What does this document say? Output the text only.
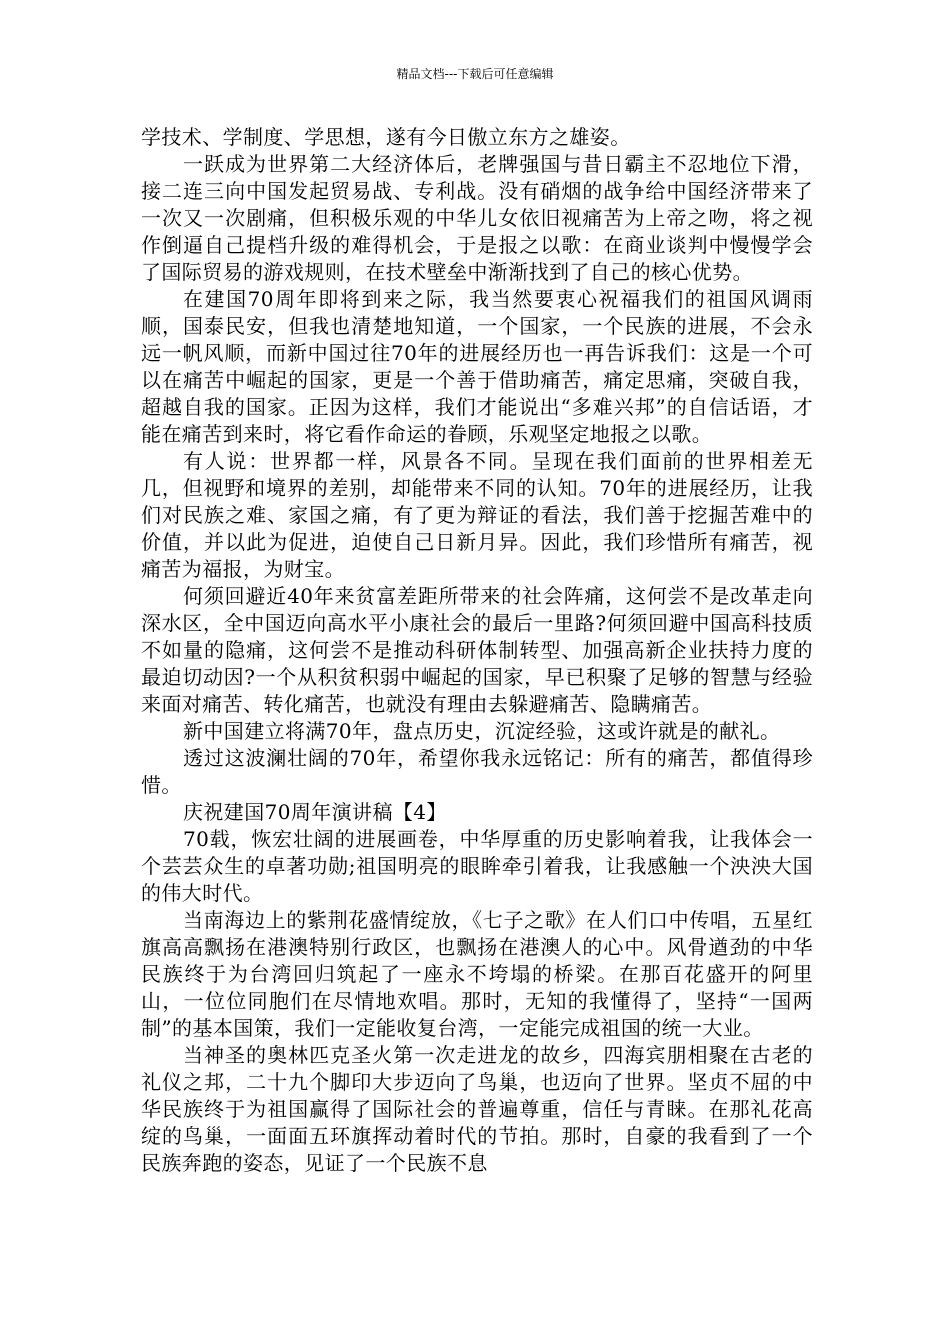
精品文档---下载后可任意编辑

学技术、学制度、学思想，遂有今日傲立东方之雄姿。

一跃成为世界第二大经济体后，老牌强国与昔日霸主不忍地位下滑，接二连三向中国发起贸易战、专利战。没有硝烟的战争给中国经济带来了一次又一次剧痛，但积极乐观的中华儿女依旧视痛苦为上帝之吻，将之视作倒逼自己提档升级的难得机会，于是报之以歌：在商业谈判中慢慢学会了国际贸易的游戏规则，在技术壁垒中渐渐找到了自己的核心优势。

在建国70周年即将到来之际，我当然要衷心祝福我们的祖国风调雨顺，国泰民安，但我也清楚地知道，一个国家，一个民族的进展，不会永远一帆风顺，而新中国过往70年的进展经历也一再告诉我们：这是一个可以在痛苦中崛起的国家，更是一个善于借助痛苦，痛定思痛，突破自我，超越自我的国家。正因为这样，我们才能说出“多难兴邦”的自信话语，才能在痛苦到来时，将它看作命运的眷顾，乐观坚定地报之以歌。

有人说：世界都一样，风景各不同。呈现在我们面前的世界相差无几，但视野和境界的差别，却能带来不同的认知。70年的进展经历，让我们对民族之难、家国之痛，有了更为辩证的看法，我们善于挖掘苦难中的价值，并以此为促进，迫使自己日新月异。因此，我们珍惜所有痛苦，视痛苦为福报，为财宝。

何须回避近40年来贫富差距所带来的社会阵痛，这何尝不是改革走向深水区，全中国迈向高水平小康社会的最后一里路?何须回避中国高科技质不如量的隐痛，这何尝不是推动科研体制转型、加强高新企业扶持力度的最迫切动因?一个从积贫积弱中崛起的国家，早已积聚了足够的智慧与经验来面对痛苦、转化痛苦，也就没有理由去躲避痛苦、隐瞒痛苦。

新中国建立将满70年，盘点历史，沉淀经验，这或许就是的献礼。

透过这波澜壮阔的70年，希望你我永远铭记：所有的痛苦，都值得珍惜。

庆祝建国70周年演讲稿【4】

70载，恢宏壮阔的进展画卷，中华厚重的历史影响着我，让我体会一个芸芸众生的卓著功勋;祖国明亮的眼眸牵引着我，让我感触一个泱泱大国的伟大时代。

当南海边上的紫荆花盛情绽放，《七子之歌》在人们口中传唱，五星红旗高高飘扬在港澳特别行政区，也飘扬在港澳人的心中。风骨遒劲的中华民族终于为台湾回归筑起了一座永不垮塌的桥梁。在那百花盛开的阿里山，一位位同胞们在尽情地欢唱。那时，无知的我懂得了，坚持“一国两制”的基本国策，我们一定能收复台湾，一定能完成祖国的统一大业。

当神圣的奥林匹克圣火第一次走进龙的故乡，四海宾朋相聚在古老的礼仪之邦，二十九个脚印大步迈向了鸟巢，也迈向了世界。坚贞不屈的中华民族终于为祖国赢得了国际社会的普遍尊重，信任与青睐。在那礼花高绽的鸟巢，一面面五环旗挥动着时代的节拍。那时，自豪的我看到了一个民族奔跑的姿态，见证了一个民族不息
